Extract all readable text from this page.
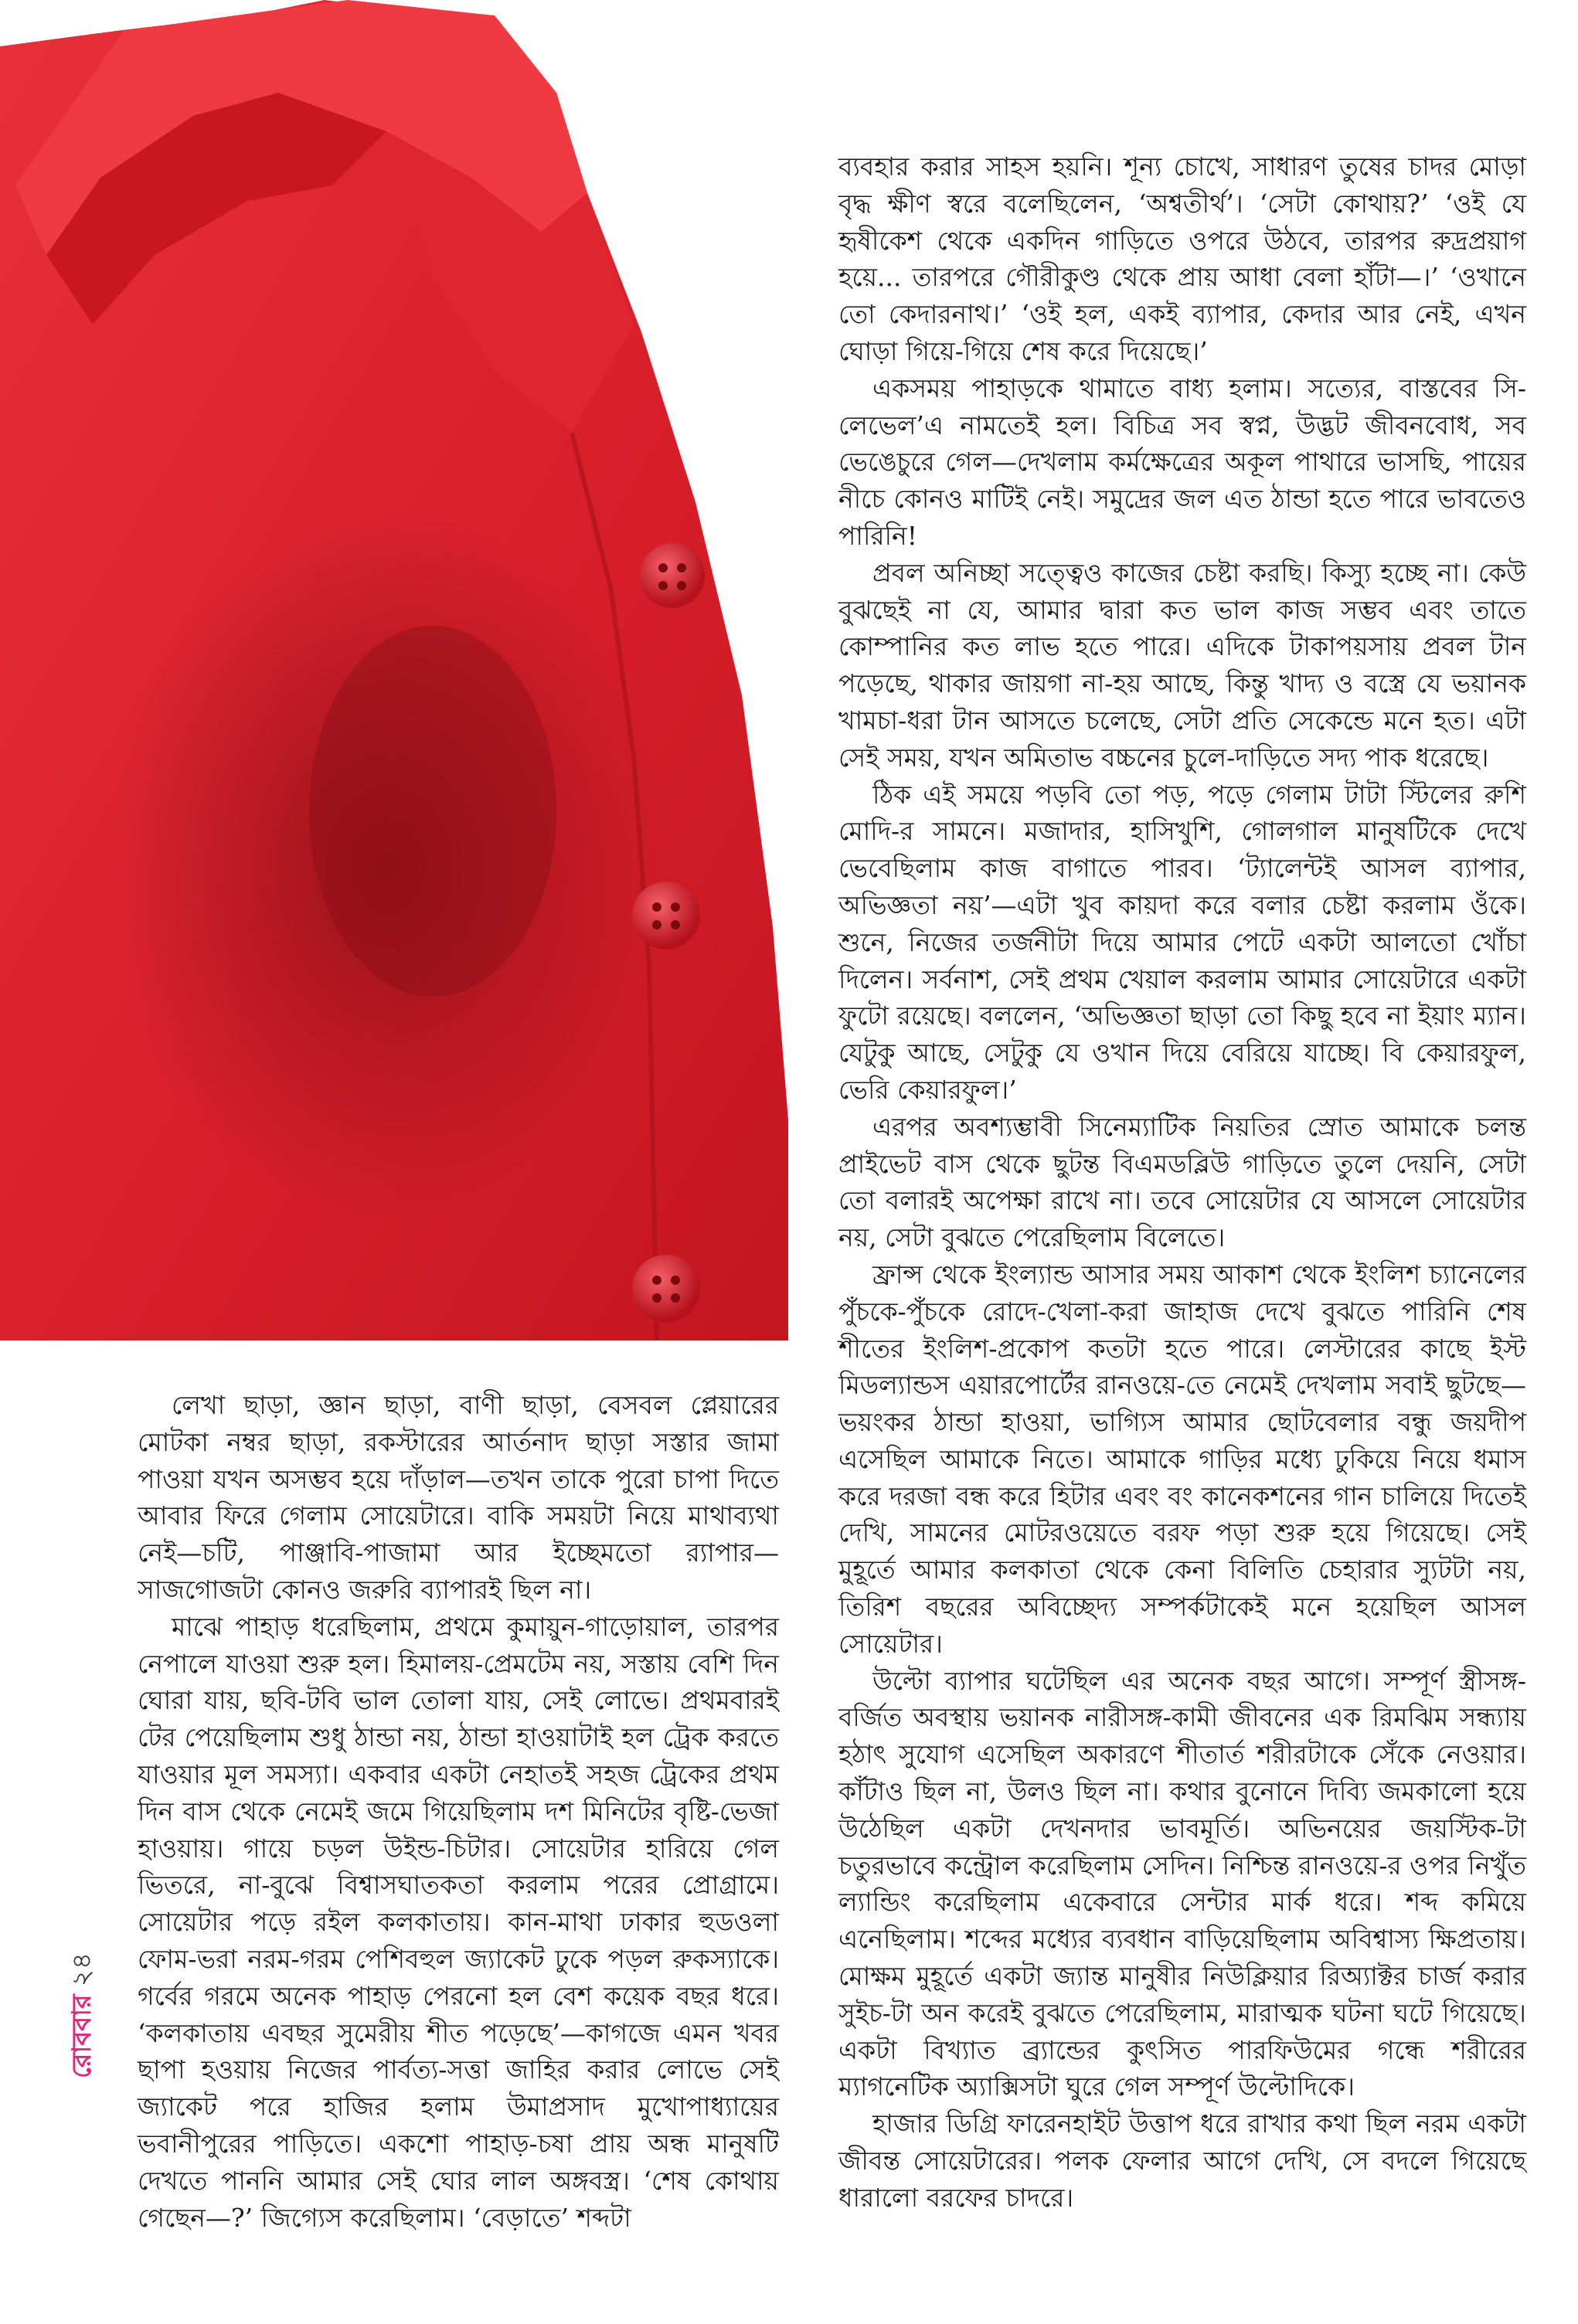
ব্যবহার করার সাহস হয়নি। শূন্য চোখে, সাধারণ তুষের চাদর মোড়া বৃদ্ধ ক্ষীণ স্বরে বলেছিলেন, ‘অশ্বতীর্থ’। ‘সেটা কোথায়?’ ‘ওই যে হৃষীকেশ থেকে একদিন গাড়িতে ওপরে উঠবে, তারপর রুদ্রপ্রয়াগ হয়ে... তারপরে গৌরীকুণ্ড থেকে প্রায় আধা বেলা হাঁটা—।’ ‘ওখানে তো কেদারনাথ।’ ‘ওই হল, একই ব্যাপার, কেদার আর নেই, এখন ঘোড়া গিয়ে-গিয়ে শেষ করে দিয়েছে।’

একসময় পাহাড়কে থামাতে বাধ্য হলাম। সত্যের, বাস্তবের সি-লেভেল’এ নামতেই হল। বিচিত্র সব স্বপ্ন, উদ্ভট জীবনবোধ, সব ভেঙেচুরে গেল—দেখলাম কর্মক্ষেত্রের অকূল পাথারে ভাসছি, পায়ের নীচে কোনও মাটিই নেই। সমুদ্রের জল এত ঠান্ডা হতে পারে ভাবতেও পারিনি!

প্রবল অনিচ্ছা সত্ত্বেও কাজের চেষ্টা করছি। কিস্যু হচ্ছে না। কেউ বুঝছেই না যে, আমার দ্বারা কত ভাল কাজ সম্ভব এবং তাতে কোম্পানির কত লাভ হতে পারে। এদিকে টাকাপয়সায় প্রবল টান পড়েছে, থাকার জায়গা না-হয় আছে, কিন্তু খাদ্য ও বস্ত্রে যে ভয়ানক খামচা-ধরা টান আসতে চলেছে, সেটা প্রতি সেকেন্ডে মনে হত। এটা সেই সময়, যখন অমিতাভ বচ্চনের চুলে-দাড়িতে সদ্য পাক ধরেছে।

ঠিক এই সময়ে পড়বি তো পড়, পড়ে গেলাম টাটা স্টিলের রুশি মোদি-র সামনে। মজাদার, হাসিখুশি, গোলগাল মানুষটিকে দেখে ভেবেছিলাম কাজ বাগাতে পারব। ‘ট্যালেন্টই আসল ব্যাপার, অভিজ্ঞতা নয়’—এটা খুব কায়দা করে বলার চেষ্টা করলাম ওঁকে। শুনে, নিজের তর্জনীটা দিয়ে আমার পেটে একটা আলতো খোঁচা দিলেন। সর্বনাশ, সেই প্রথম খেয়াল করলাম আমার সোয়েটারে একটা ফুটো রয়েছে। বললেন, ‘অভিজ্ঞতা ছাড়া তো কিছু হবে না ইয়াং ম্যান। যেটুকু আছে, সেটুকু যে ওখান দিয়ে বেরিয়ে যাচ্ছে। বি কেয়ারফুল, ভেরি কেয়ারফুল।’

এরপর অবশ্যম্ভাবী সিনেম্যাটিক নিয়তির স্রোত আমাকে চলন্ত প্রাইভেট বাস থেকে ছুটন্ত বিএমডব্লিউ গাড়িতে তুলে দেয়নি, সেটা তো বলারই অপেক্ষা রাখে না। তবে সোয়েটার যে আসলে সোয়েটার নয়, সেটা বুঝতে পেরেছিলাম বিলেতে।

ফ্রান্স থেকে ইংল্যান্ড আসার সময় আকাশ থেকে ইংলিশ চ্যানেলের পুঁচকে-পুঁচকে রোদে-খেলা-করা জাহাজ দেখে বুঝতে পারিনি শেষ শীতের ইংলিশ-প্রকোপ কতটা হতে পারে। লেস্টারের কাছে ইস্ট মিডল্যান্ডস এয়ারপোর্টের রানওয়ে-তে নেমেই দেখলাম সবাই ছুটছে—ভয়ংকর ঠান্ডা হাওয়া, ভাগ্যিস আমার ছোটবেলার বন্ধু জয়দীপ এসেছিল আমাকে নিতে। আমাকে গাড়ির মধ্যে ঢুকিয়ে নিয়ে ধমাস করে দরজা বন্ধ করে হিটার এবং বং কানেকশনের গান চালিয়ে দিতেই দেখি, সামনের মোটরওয়েতে বরফ পড়া শুরু হয়ে গিয়েছে। সেই মুহূর্তে আমার কলকাতা থেকে কেনা বিলিতি চেহারার স্যুটটা নয়, তিরিশ বছরের অবিচ্ছেদ্য সম্পর্কটাকেই মনে হয়েছিল আসল সোয়েটার।

উল্টো ব্যাপার ঘটেছিল এর অনেক বছর আগে। সম্পূর্ণ স্ত্রীসঙ্গ-বর্জিত অবস্থায় ভয়ানক নারীসঙ্গ-কামী জীবনের এক রিমঝিম সন্ধ্যায় হঠাৎ সুযোগ এসেছিল অকারণে শীতার্ত শরীরটাকে সেঁকে নেওয়ার। কাঁটাও ছিল না, উলও ছিল না। কথার বুনোনে দিব্যি জমকালো হয়ে উঠেছিল একটা দেখনদার ভাবমূর্তি। অভিনয়ের জয়স্টিক-টা চতুরভাবে কন্ট্রোল করেছিলাম সেদিন। নিশ্চিন্ত রানওয়ে-র ওপর নিখুঁত ল্যান্ডিং করেছিলাম একেবারে সেন্টার মার্ক ধরে। শব্দ কমিয়ে এনেছিলাম। শব্দের মধ্যের ব্যবধান বাড়িয়েছিলাম অবিশ্বাস্য ক্ষিপ্রতায়। মোক্ষম মুহূর্তে একটা জ্যান্ত মানুষীর নিউক্লিয়ার রিঅ্যাক্টর চার্জ করার সুইচ-টা অন করেই বুঝতে পেরেছিলাম, মারাত্মক ঘটনা ঘটে গিয়েছে। একটা বিখ্যাত ব্র্যান্ডের কুৎসিত পারফিউমের গন্ধে শরীরের ম্যাগনেটিক অ্যাক্সিসটা ঘুরে গেল সম্পূর্ণ উল্টোদিকে।

হাজার ডিগ্রি ফারেনহাইট উত্তাপ ধরে রাখার কথা ছিল নরম একটা জীবন্ত সোয়েটারের। পলক ফেলার আগে দেখি, সে বদলে গিয়েছে ধারালো বরফের চাদরে।

লেখা ছাড়া, জ্ঞান ছাড়া, বাণী ছাড়া, বেসবল প্লেয়ারের মোটকা নম্বর ছাড়া, রকস্টারের আর্তনাদ ছাড়া সস্তার জামা পাওয়া যখন অসম্ভব হয়ে দাঁড়াল—তখন তাকে পুরো চাপা দিতে আবার ফিরে গেলাম সোয়েটারে। বাকি সময়টা নিয়ে মাথাব্যথা নেই—চটি, পাঞ্জাবি-পাজামা আর ইচ্ছেমতো র‍্যাপার—সাজগোজটা কোনও জরুরি ব্যাপারই ছিল না।

মাঝে পাহাড় ধরেছিলাম, প্রথমে কুমায়ুন-গাড়োয়াল, তারপর নেপালে যাওয়া শুরু হল। হিমালয়-প্রেমটেম নয়, সস্তায় বেশি দিন ঘোরা যায়, ছবি-টবি ভাল তোলা যায়, সেই লোভে। প্রথমবারই টের পেয়েছিলাম শুধু ঠান্ডা নয়, ঠান্ডা হাওয়াটাই হল ট্রেক করতে যাওয়ার মূল সমস্যা। একবার একটা নেহাতই সহজ ট্রেকের প্রথম দিন বাস থেকে নেমেই জমে গিয়েছিলাম দশ মিনিটের বৃষ্টি-ভেজা হাওয়ায়। গায়ে চড়ল উইন্ড-চিটার। সোয়েটার হারিয়ে গেল ভিতরে, না-বুঝে বিশ্বাসঘাতকতা করলাম পরের প্রোগ্রামে। সোয়েটার পড়ে রইল কলকাতায়। কান-মাথা ঢাকার হুডওলা ফোম-ভরা নরম-গরম পেশিবহুল জ্যাকেট ঢুকে পড়ল রুকস্যাকে। গর্বের গরমে অনেক পাহাড় পেরনো হল বেশ কয়েক বছর ধরে। ‘কলকাতায় এবছর সুমেরীয় শীত পড়েছে’—কাগজে এমন খবর ছাপা হওয়ায় নিজের পার্বত্য-সত্তা জাহির করার লোভে সেই জ্যাকেট পরে হাজির হলাম উমাপ্রসাদ মুখোপাধ্যায়ের ভবানীপুরের পাড়িতে। একশো পাহাড়-চষা প্রায় অন্ধ মানুষটি দেখতে পাননি আমার সেই ঘোর লাল অঙ্গবস্ত্র। ‘শেষ কোথায় গেছেন—?’ জিগ্যেস করেছিলাম। ‘বেড়াতে’ শব্দটা

রোববার২৪
